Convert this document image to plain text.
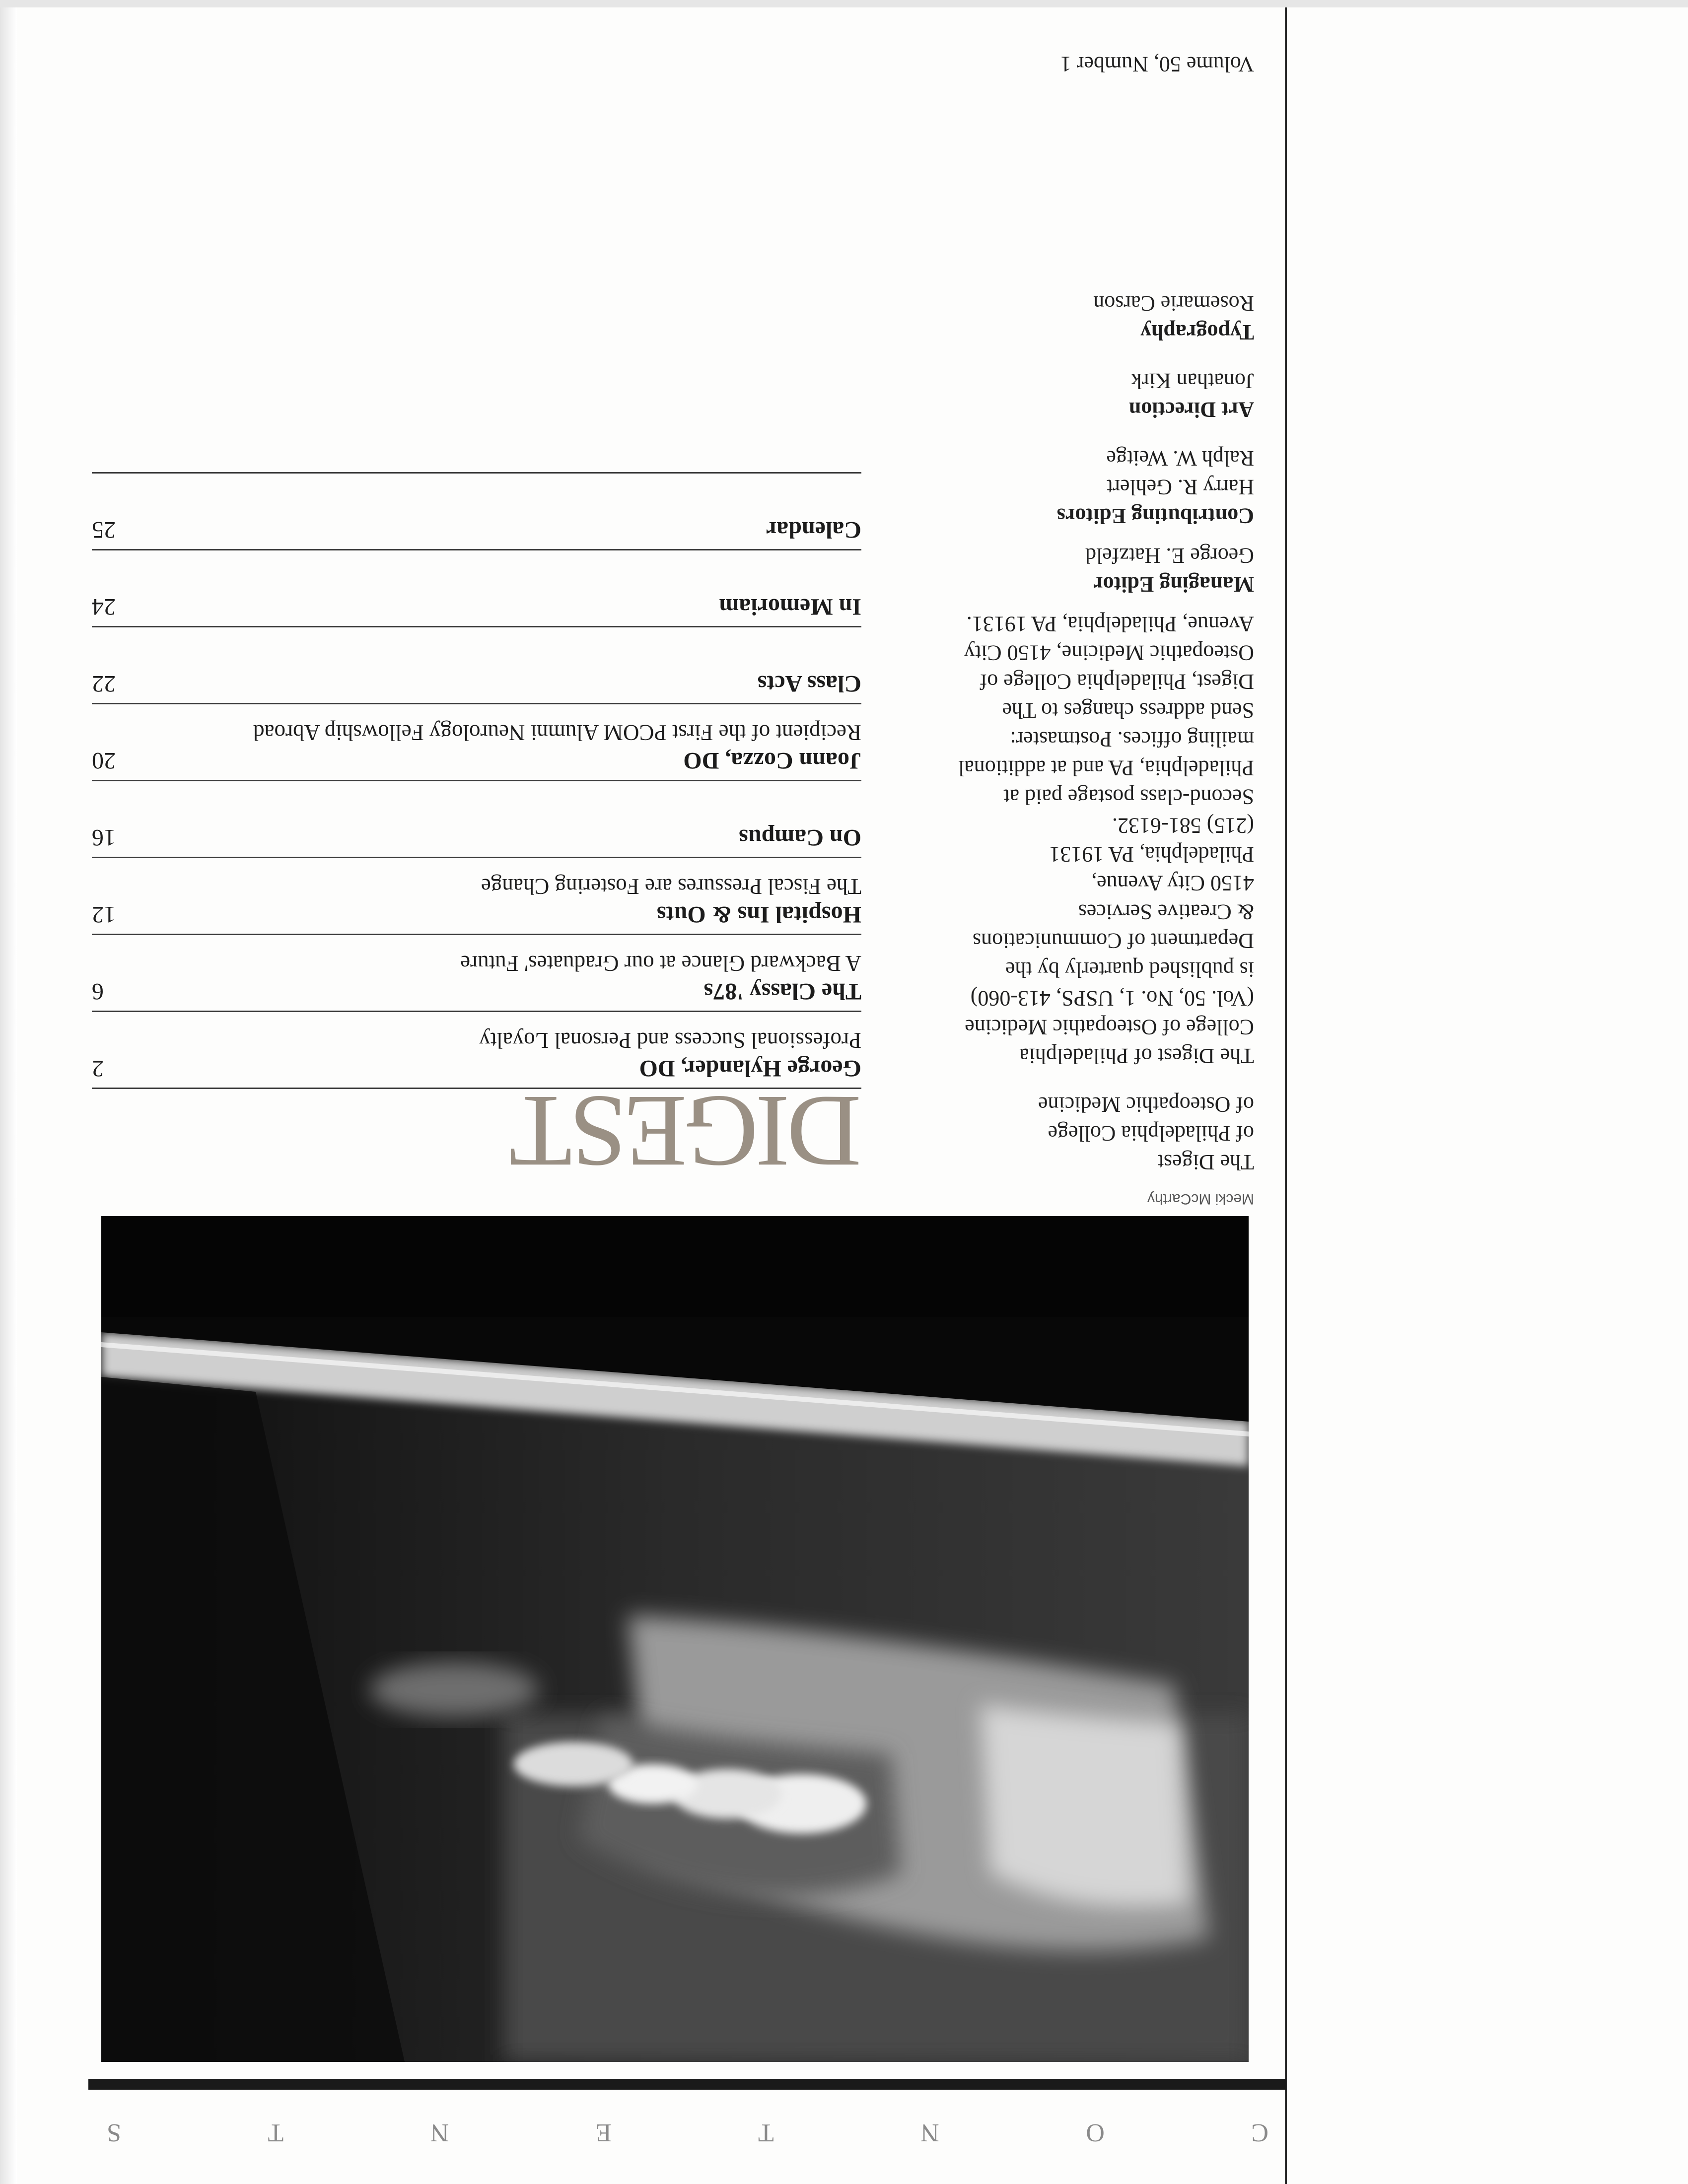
C
O
N
T
E
N
T
S
Mecki McCarthy

The Digest

of Philadelphia College

of Osteopathic Medicine

The Digest of Philadelphia

College of Osteopathic Medicine

(Vol. 50, No. 1, USPS, 413-060)

is published quarterly by the

Department of Communications

& Creative Services

4150 City Avenue,

Philadelphia, PA 19131

(215) 581-6132.

Second-class postage paid at

Philadelphia, PA and at additional

mailing offices. Postmaster:

Send address changes to The

Digest, Philadelphia College of

Osteopathic Medicine, 4150 City

Avenue, Philadelphia, PA 19131.

Managing Editor

George E. Hatzfeld

Contributing Editors

Harry R. Gehlert

Ralph W. Weitge

Art Direction

Jonathan Kirk

Typography

Rosemarie Carson

Volume 50, Number 1

DIGEST

George Hylander, DO

Professional Success and Personal Loyalty

2

The Classy '87s

A Backward Glance at our Graduates' Future

6

Hospital Ins & Outs

The Fiscal Pressures are Fostering Change

12

On Campus

16

Joann Cozza, DO

Recipient of the First PCOM Alumni Neurology Fellowship Abroad

20

Class Acts

22

In Memoriam

24

Calendar

25
